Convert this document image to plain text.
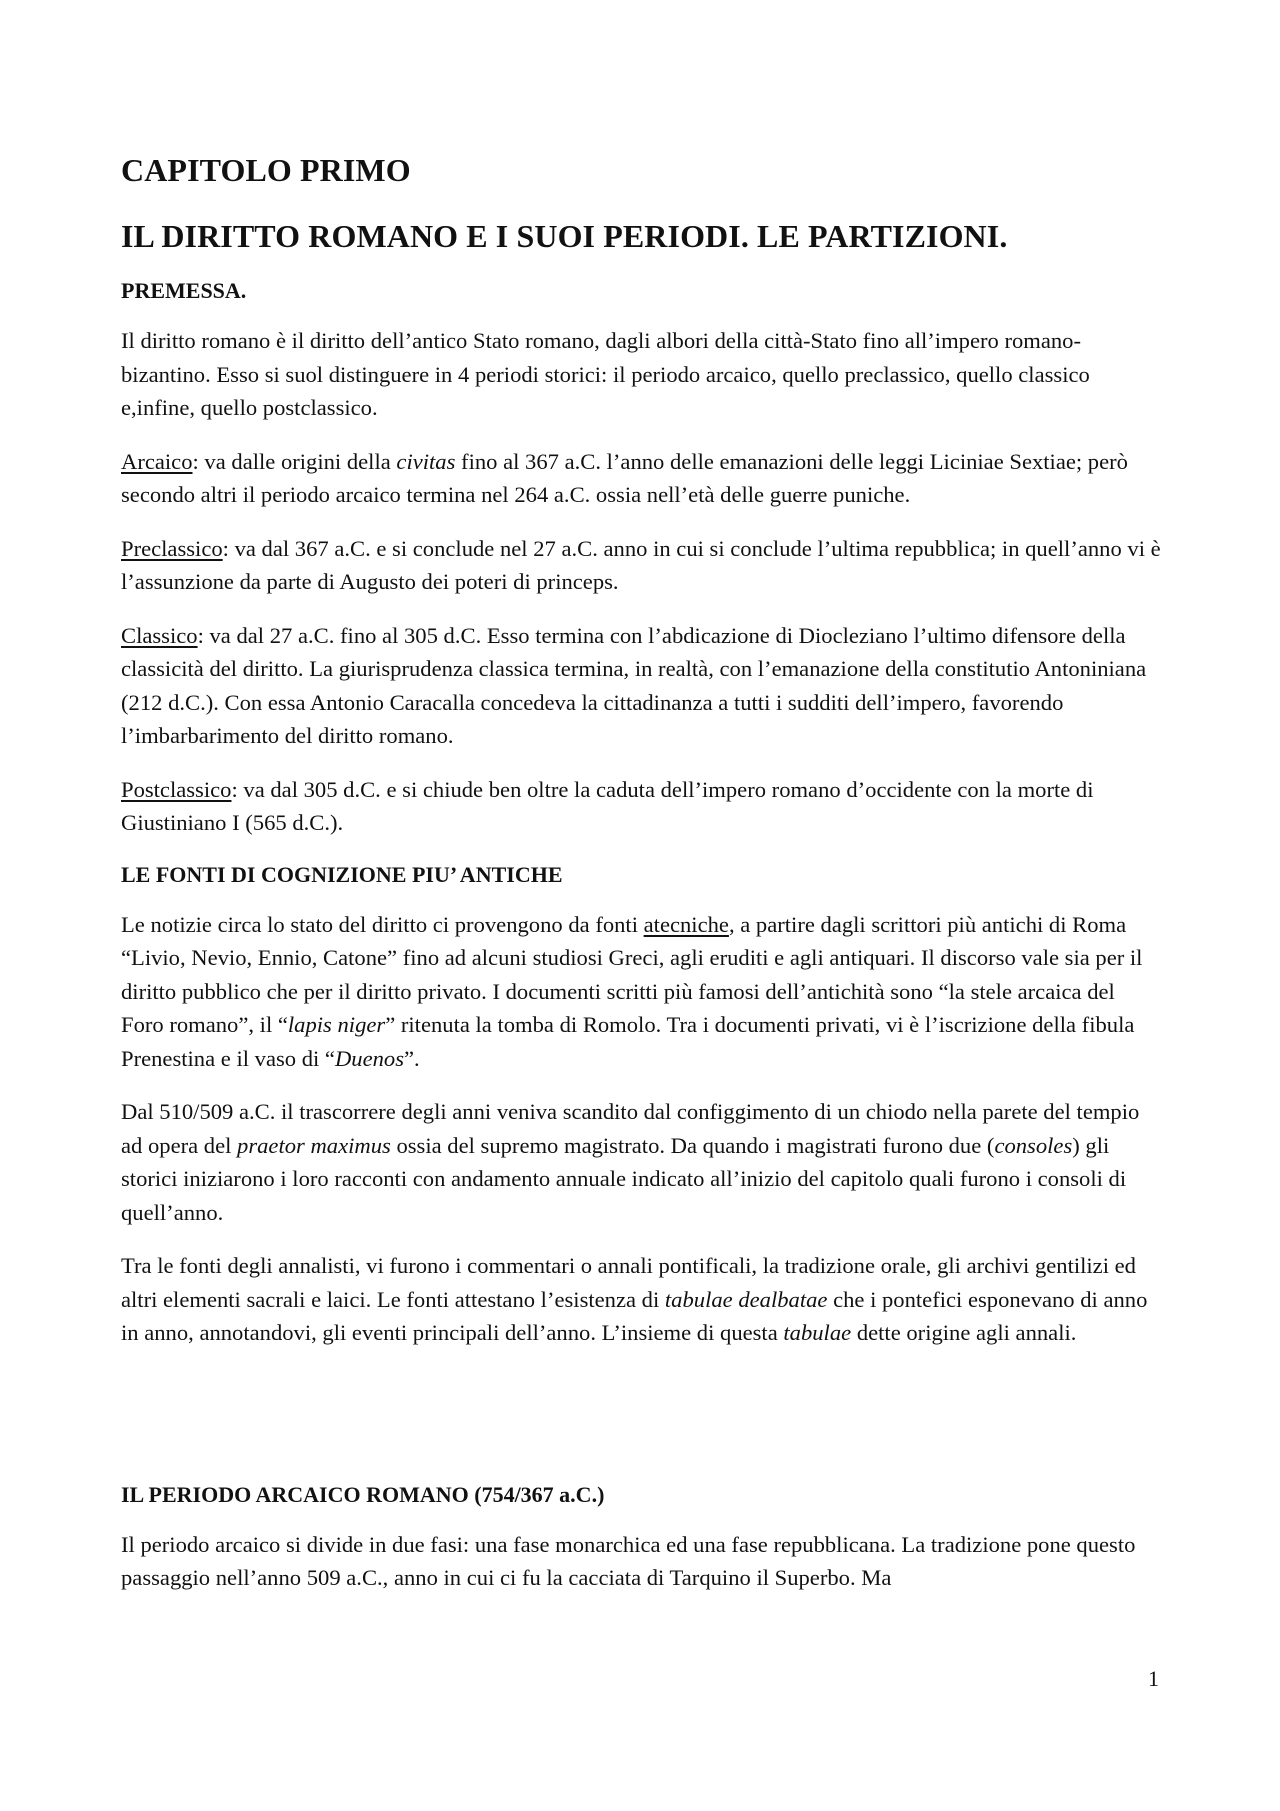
CAPITOLO PRIMO
IL DIRITTO ROMANO E I SUOI PERIODI. LE PARTIZIONI.
PREMESSA.

Il diritto romano è il diritto dell’antico Stato romano, dagli albori della città-Stato fino all’impero romano-bizantino. Esso si suol distinguere in 4 periodi storici: il periodo arcaico, quello preclassico, quello classico e,infine, quello postclassico.

Arcaico: va dalle origini della civitas fino al 367 a.C. l’anno delle emanazioni delle leggi Liciniae Sextiae; però secondo altri il periodo arcaico termina nel 264 a.C. ossia nell’età delle guerre puniche.

Preclassico: va dal 367 a.C. e si conclude nel 27 a.C. anno in cui si conclude l’ultima repubblica; in quell’anno vi è l’assunzione da parte di Augusto dei poteri di princeps.

Classico: va dal 27 a.C. fino al 305 d.C. Esso termina con l’abdicazione di Diocleziano l’ultimo difensore della classicità del diritto. La giurisprudenza classica termina, in realtà, con l’emanazione della constitutio Antoniniana (212 d.C.). Con essa Antonio Caracalla concedeva la cittadinanza a tutti i sudditi dell’impero, favorendo l’imbarbarimento del diritto romano.

Postclassico: va dal 305 d.C. e si chiude ben oltre la caduta dell’impero romano d’occidente con la morte di Giustiniano I (565 d.C.).

LE FONTI DI COGNIZIONE PIU’ ANTICHE

Le notizie circa lo stato del diritto ci provengono da fonti atecniche, a partire dagli scrittori più antichi di Roma “Livio, Nevio, Ennio, Catone” fino ad alcuni studiosi Greci, agli eruditi e agli antiquari. Il discorso vale sia per il diritto pubblico che per il diritto privato. I documenti scritti più famosi dell’antichità sono “la stele arcaica del Foro romano”, il “lapis niger” ritenuta la tomba di Romolo. Tra i documenti privati, vi è l’iscrizione della fibula Prenestina e il vaso di “Duenos”.

Dal 510/509 a.C. il trascorrere degli anni veniva scandito dal configgimento di un chiodo nella parete del tempio ad opera del praetor maximus ossia del supremo magistrato. Da quando i magistrati furono due (consoles) gli storici iniziarono i loro racconti con andamento annuale indicato all’inizio del capitolo quali furono i consoli di quell’anno.

Tra le fonti degli annalisti, vi furono i commentari o annali pontificali, la tradizione orale, gli archivi gentilizi ed altri elementi sacrali e laici. Le fonti attestano l’esistenza di tabulae dealbatae che i pontefici esponevano di anno in anno, annotandovi, gli eventi principali dell’anno. L’insieme di questa tabulae dette origine agli annali.

IL PERIODO ARCAICO ROMANO (754/367 a.C.)

Il periodo arcaico si divide in due fasi: una fase monarchica ed una fase repubblicana. La tradizione pone questo passaggio nell’anno 509 a.C., anno in cui ci fu la cacciata di Tarquino il Superbo. Ma

1
